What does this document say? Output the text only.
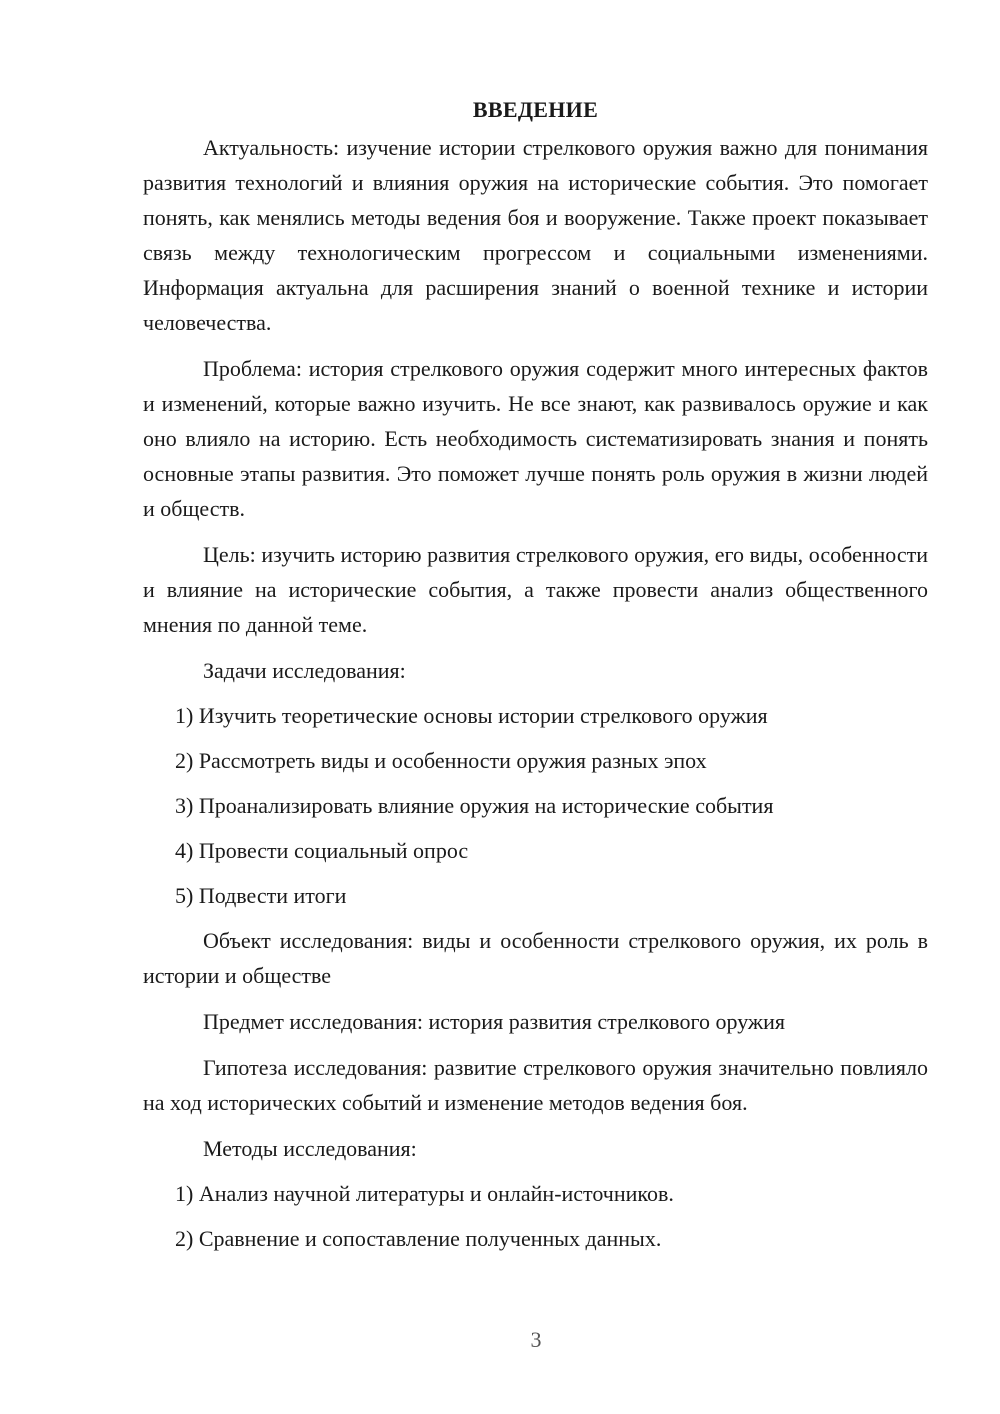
ВВЕДЕНИЕ

Актуальность: изучение истории стрелкового оружия важно для понимания развития технологий и влияния оружия на исторические события. Это помогает понять, как менялись методы ведения боя и вооружение. Также проект показывает связь между технологическим прогрессом и социальными изменениями. Информация актуальна для расширения знаний о военной технике и истории человечества.

Проблема: история стрелкового оружия содержит много интересных фактов и изменений, которые важно изучить. Не все знают, как развивалось оружие и как оно влияло на историю. Есть необходимость систематизировать знания и понять основные этапы развития. Это поможет лучше понять роль оружия в жизни людей и обществ.

Цель: изучить историю развития стрелкового оружия, его виды, особенности и влияние на исторические события, а также провести анализ общественного мнения по данной теме.

Задачи исследования:
1) Изучить теоретические основы истории стрелкового оружия
2) Рассмотреть виды и особенности оружия разных эпох
3) Проанализировать влияние оружия на исторические события
4) Провести социальный опрос
5) Подвести итоги

Объект исследования: виды и особенности стрелкового оружия, их роль в истории и обществе

Предмет исследования: история развития стрелкового оружия

Гипотеза исследования: развитие стрелкового оружия значительно повлияло на ход исторических событий и изменение методов ведения боя.

Методы исследования:
1) Анализ научной литературы и онлайн-источников.
2) Сравнение и сопоставление полученных данных.
3
